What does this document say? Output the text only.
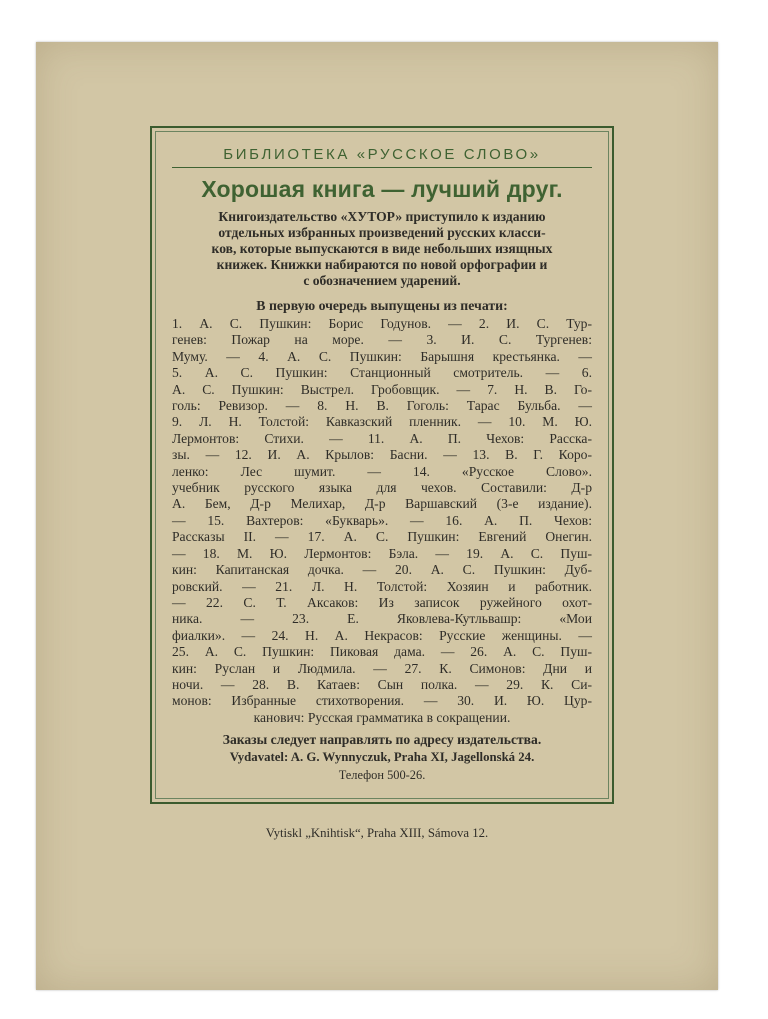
БИБЛИОТЕКА «РУССКОЕ СЛОВО»
Хорошая книга — лучший друг.
Книгоиздательство «ХУТОР» приступило к изданию
отдельных избранных произведений русских класси-
ков, которые выпускаются в виде небольших изящных
книжек. Книжки набираются по новой орфографии и
с обозначением ударений.
В первую очередь выпущены из печати:
1. А. С. Пушкин: Борис Годунов. — 2. И. С. Тур-
генев: Пожар на море. — 3. И. С. Тургенев:
Муму. — 4. А. С. Пушкин: Барышня крестьянка. —
5. А. С. Пушкин: Станционный смотритель. — 6.
А. С. Пушкин: Выстрел. Гробовщик. — 7. Н. В. Го-
голь: Ревизор. — 8. Н. В. Гоголь: Тарас Бульба. —
9. Л. Н. Толстой: Кавказский пленник. — 10. М. Ю.
Лермонтов: Стихи. — 11. А. П. Чехов: Расска-
зы. — 12. И. А. Крылов: Басни. — 13. В. Г. Коро-
ленко: Лес шумит. — 14. «Русское Слово».
учебник русского языка для чехов. Составили: Д-р
А. Бем, Д-р Мелихар, Д-р Варшавский (3-е издание).
— 15. Вахтеров: «Букварь». — 16. А. П. Чехов:
Рассказы II. — 17. А. С. Пушкин: Евгений Онегин.
— 18. М. Ю. Лермонтов: Бэла. — 19. А. С. Пуш-
кин: Капитанская дочка. — 20. А. С. Пушкин: Дуб-
ровский. — 21. Л. Н. Толстой: Хозяин и работник.
— 22. С. Т. Аксаков: Из записок ружейного охот-
ника. — 23. Е. Яковлева-Кутльвашр: «Мои
фиалки». — 24. Н. А. Некрасов: Русские женщины. —
25. А. С. Пушкин: Пиковая дама. — 26. А. С. Пуш-
кин: Руслан и Людмила. — 27. К. Симонов: Дни и
ночи. — 28. В. Катаев: Сын полка. — 29. К. Си-
монов: Избранные стихотворения. — 30. И. Ю. Цур-
канович: Русская грамматика в сокращении.
Заказы следует направлять по адресу издательства.
Vydavatel: A. G. Wynnyczuk, Praha XI, Jagellonská 24.
Телефон 500-26.
Vytiskl „Knihtisk“, Praha XIII, Sámova 12.
